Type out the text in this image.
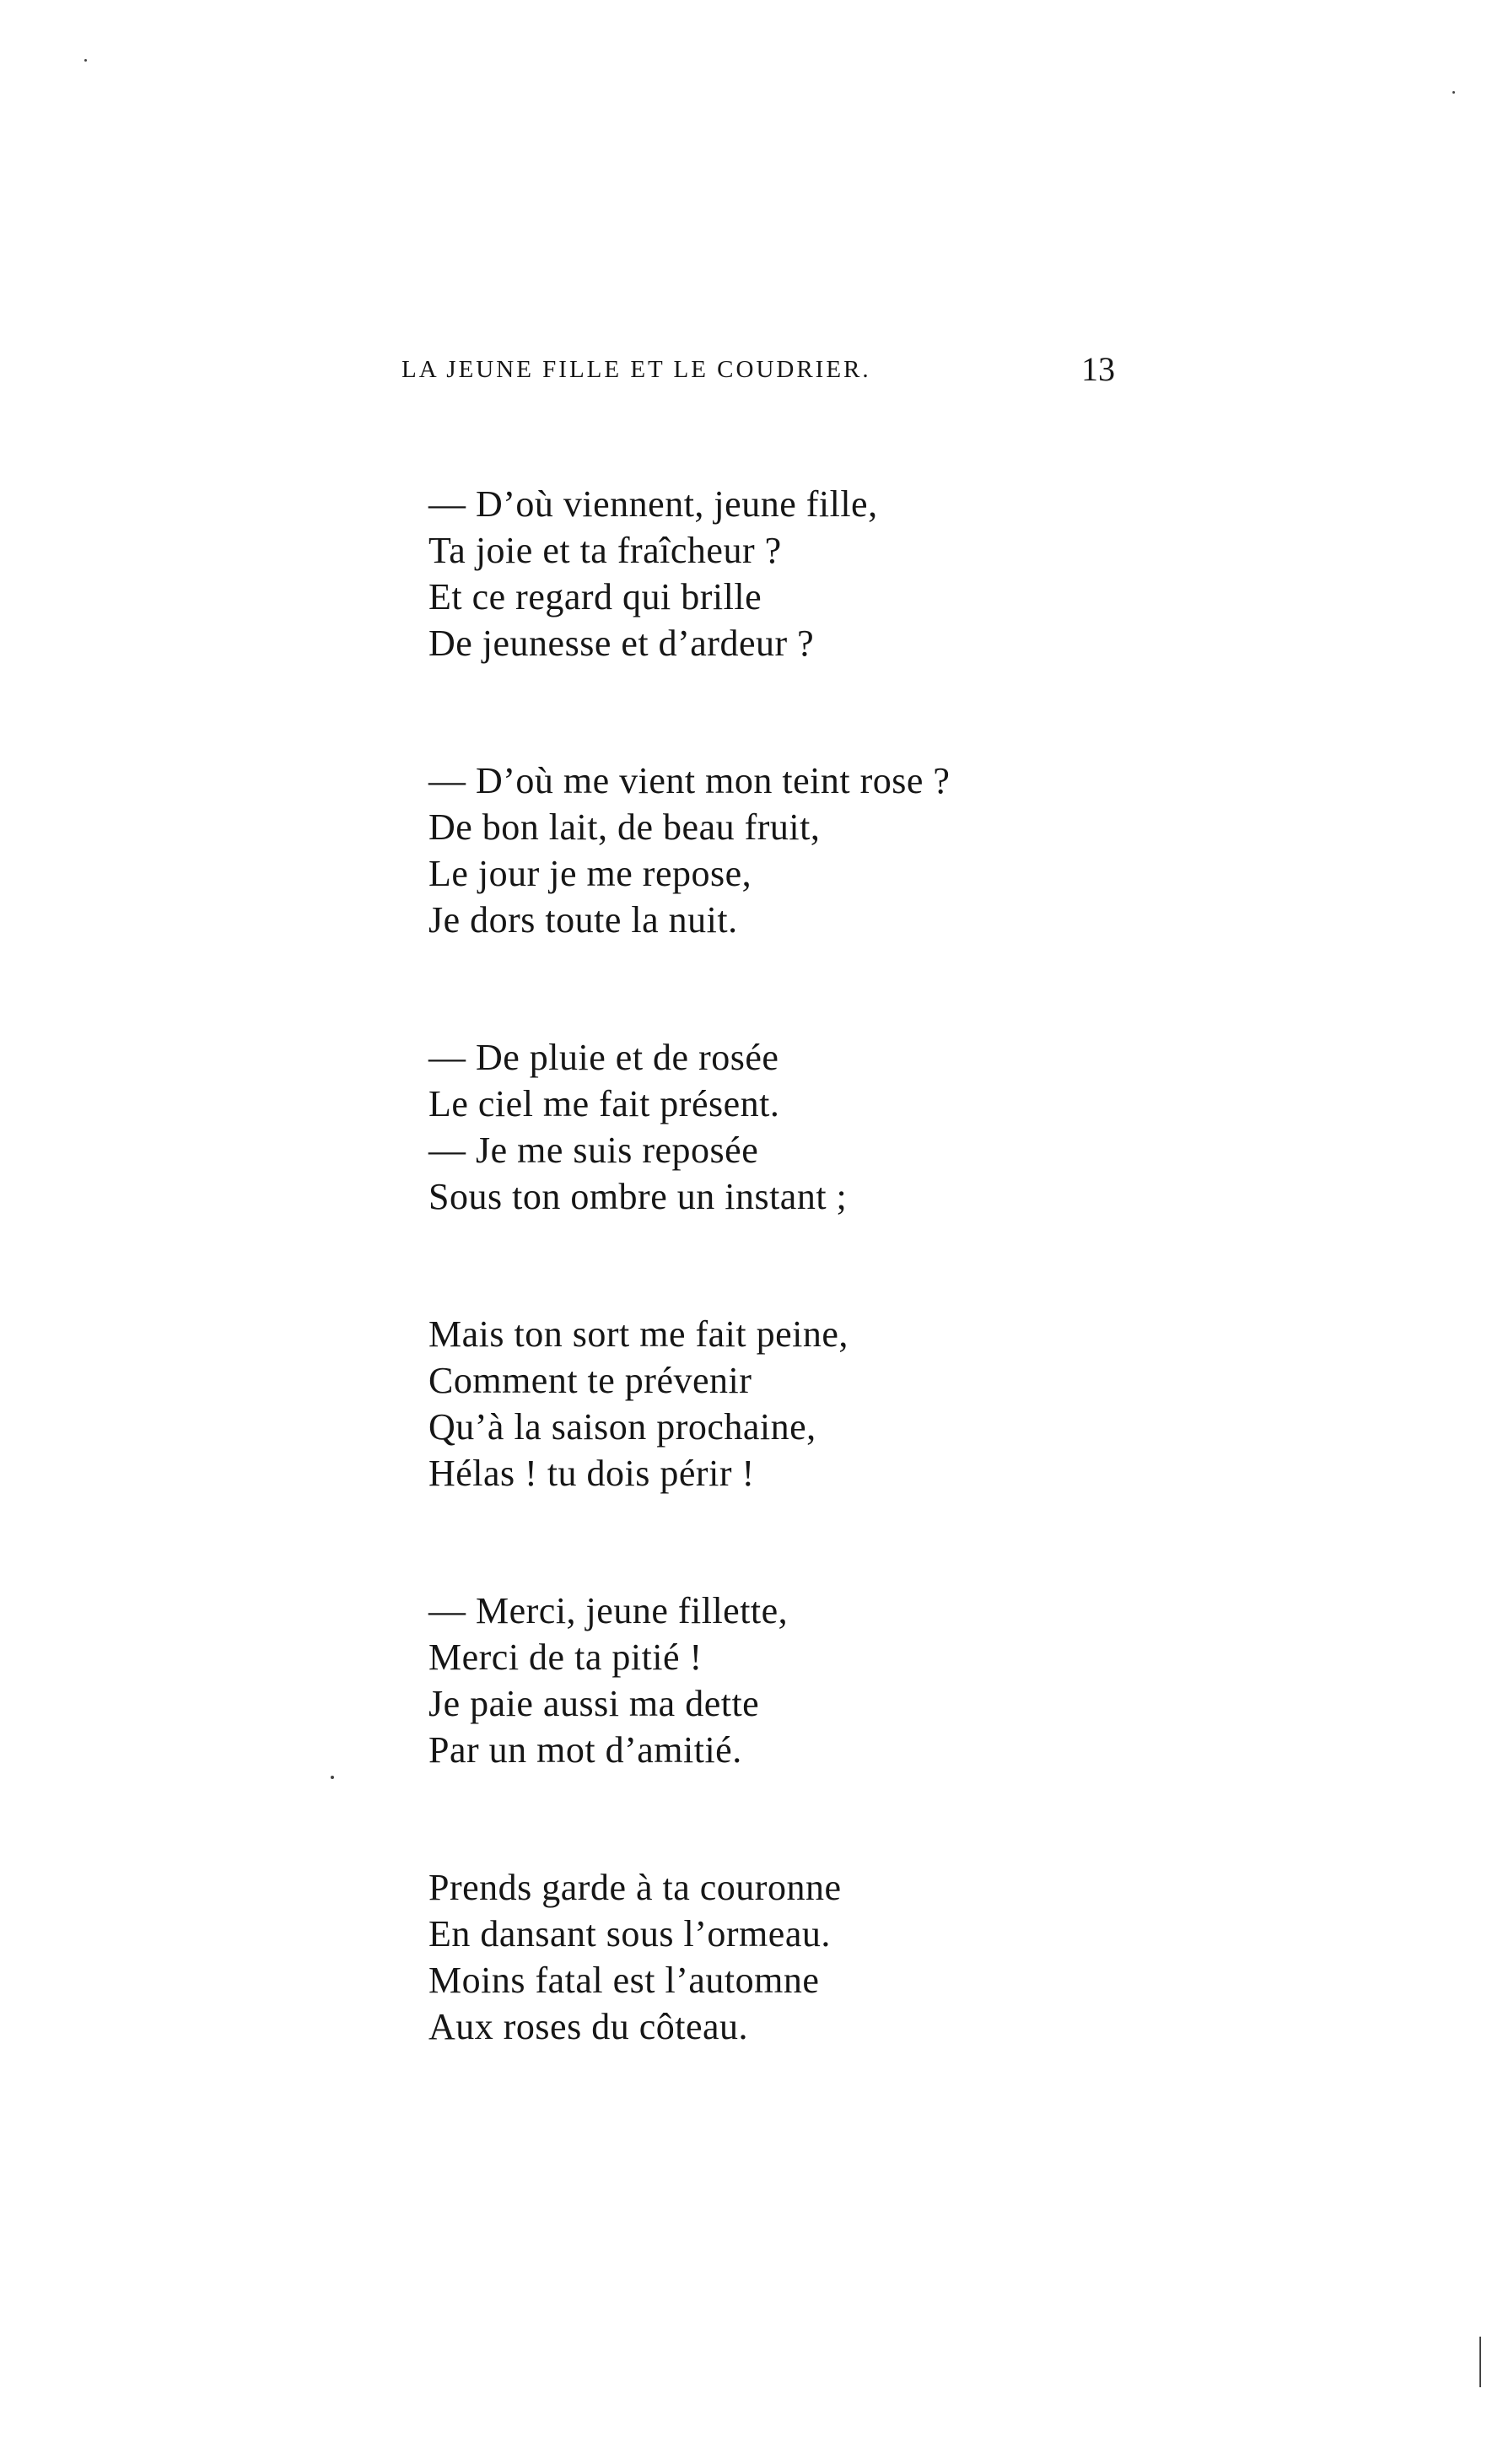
LA JEUNE FILLE ET LE COUDRIER.	13
— D’où viennent, jeune fille,
Ta joie et ta fraîcheur ?
Et ce regard qui brille
De jeunesse et d’ardeur ?
— D’où me vient mon teint rose ?
De bon lait, de beau fruit,
Le jour je me repose,
Je dors toute la nuit.
— De pluie et de rosée
Le ciel me fait présent.
— Je me suis reposée
Sous ton ombre un instant ;
Mais ton sort me fait peine,
Comment te prévenir
Qu’à la saison prochaine,
Hélas ! tu dois périr !
— Merci, jeune fillette,
Merci de ta pitié !
Je paie aussi ma dette
Par un mot d’amitié.
Prends garde à ta couronne
En dansant sous l’ormeau.
Moins fatal est l’automne
Aux roses du côteau.
